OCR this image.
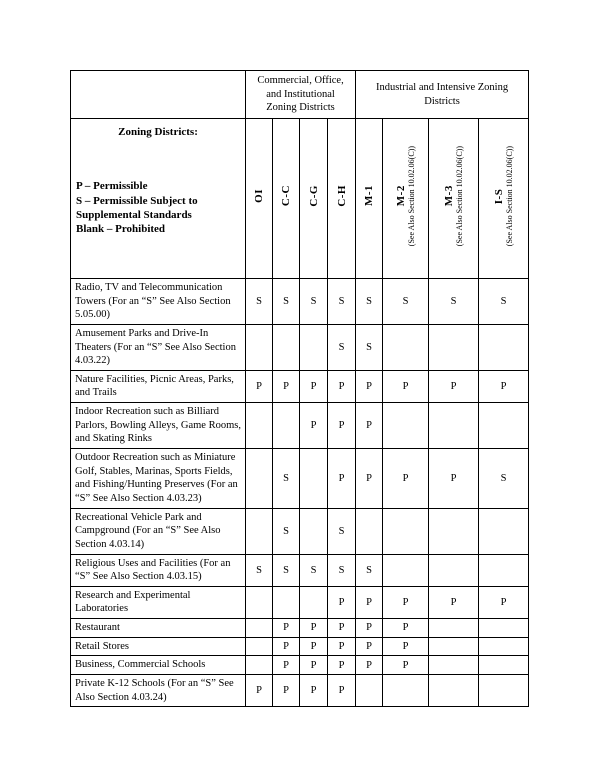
	Commercial, Office, and Institutional Zoning Districts				Industrial and Intensive Zoning Districts			

Zoning Districts:
P – Permissible
S – Permissible Subject to Supplemental Standards
Blank – Prohibited

OI	C-C	C-G	C-H	M-1	M-2 (See Also Section 10.02.06(C))	M-3 (See Also Section 10.02.06(C))	I-S (See Also Section 10.02.06(C))

Radio, TV and Telecommunication Towers (For an “S” See Also Section 5.05.00)	S	S	S	S	S	S	S	S
Amusement Parks and Drive-In Theaters (For an “S” See Also Section 4.03.22)				S	S			
Nature Facilities, Picnic Areas, Parks, and Trails	P	P	P	P	P	P	P	P
Indoor Recreation such as Billiard Parlors, Bowling Alleys, Game Rooms, and Skating Rinks			P	P	P			
Outdoor Recreation such as Miniature Golf, Stables, Marinas, Sports Fields, and Fishing/Hunting Preserves (For an “S” See Also Section 4.03.23)		S		P	P	P	P	S
Recreational Vehicle Park and Campground (For an “S” See Also Section 4.03.14)		S		S				
Religious Uses and Facilities (For an “S” See Also Section 4.03.15)	S	S	S	S	S			
Research and Experimental Laboratories				P	P	P	P	P
Restaurant		P	P	P	P	P		
Retail Stores		P	P	P	P	P		
Business, Commercial Schools		P	P	P	P	P		
Private K-12 Schools (For an “S” See Also Section 4.03.24)	P	P	P	P				
